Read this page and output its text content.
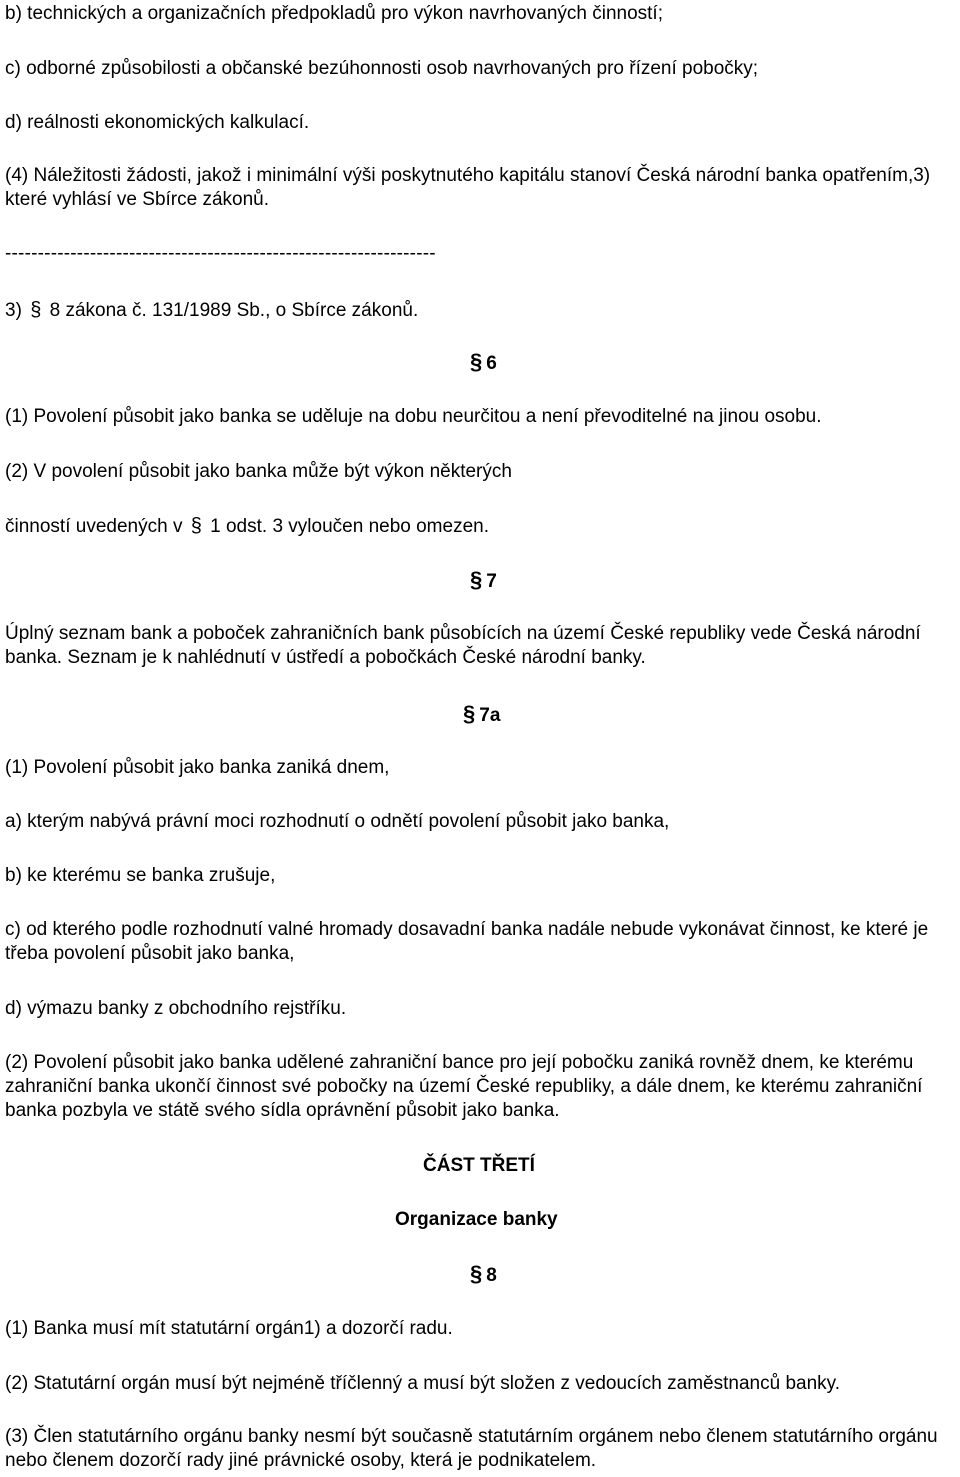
b) technických a organizačních předpokladů pro výkon navrhovaných činností;
c) odborné způsobilosti a občanské bezúhonnosti osob navrhovaných pro řízení pobočky;
d) reálnosti ekonomických kalkulací.
(4) Náležitosti žádosti, jakož i minimální výši poskytnutého kapitálu stanoví Česká národní banka opatřením,3) které vyhlásí ve Sbírce zákonů.
------------------------------------------------------------------
3) § 8 zákona č. 131/1989 Sb., o Sbírce zákonů.
§ 6
(1) Povolení působit jako banka se uděluje na dobu neurčitou a není převoditelné na jinou osobu.
(2) V povolení působit jako banka může být výkon některých
činností uvedených v § 1 odst. 3 vyloučen nebo omezen.
§ 7
Úplný seznam bank a poboček zahraničních bank působících na území České republiky vede Česká národní banka. Seznam je k nahlédnutí v ústředí a pobočkách České národní banky.
§ 7a
(1) Povolení působit jako banka zaniká dnem,
a) kterým nabývá právní moci rozhodnutí o odnětí povolení působit jako banka,
b) ke kterému se banka zrušuje,
c) od kterého podle rozhodnutí valné hromady dosavadní banka nadále nebude vykonávat činnost, ke které je třeba povolení působit jako banka,
d) výmazu banky z obchodního rejstříku.
(2) Povolení působit jako banka udělené zahraniční bance pro její pobočku zaniká rovněž dnem, ke kterému zahraniční banka ukončí činnost své pobočky na území České republiky, a dále dnem, ke kterému zahraniční banka pozbyla ve státě svého sídla oprávnění působit jako banka.
ČÁST TŘETÍ
Organizace banky
§ 8
(1) Banka musí mít statutární orgán1) a dozorčí radu.
(2) Statutární orgán musí být nejméně tříčlenný a musí být složen z vedoucích zaměstnanců banky.
(3) Člen statutárního orgánu banky nesmí být současně statutárním orgánem nebo členem statutárního orgánu nebo členem dozorčí rady jiné právnické osoby, která je podnikatelem.
